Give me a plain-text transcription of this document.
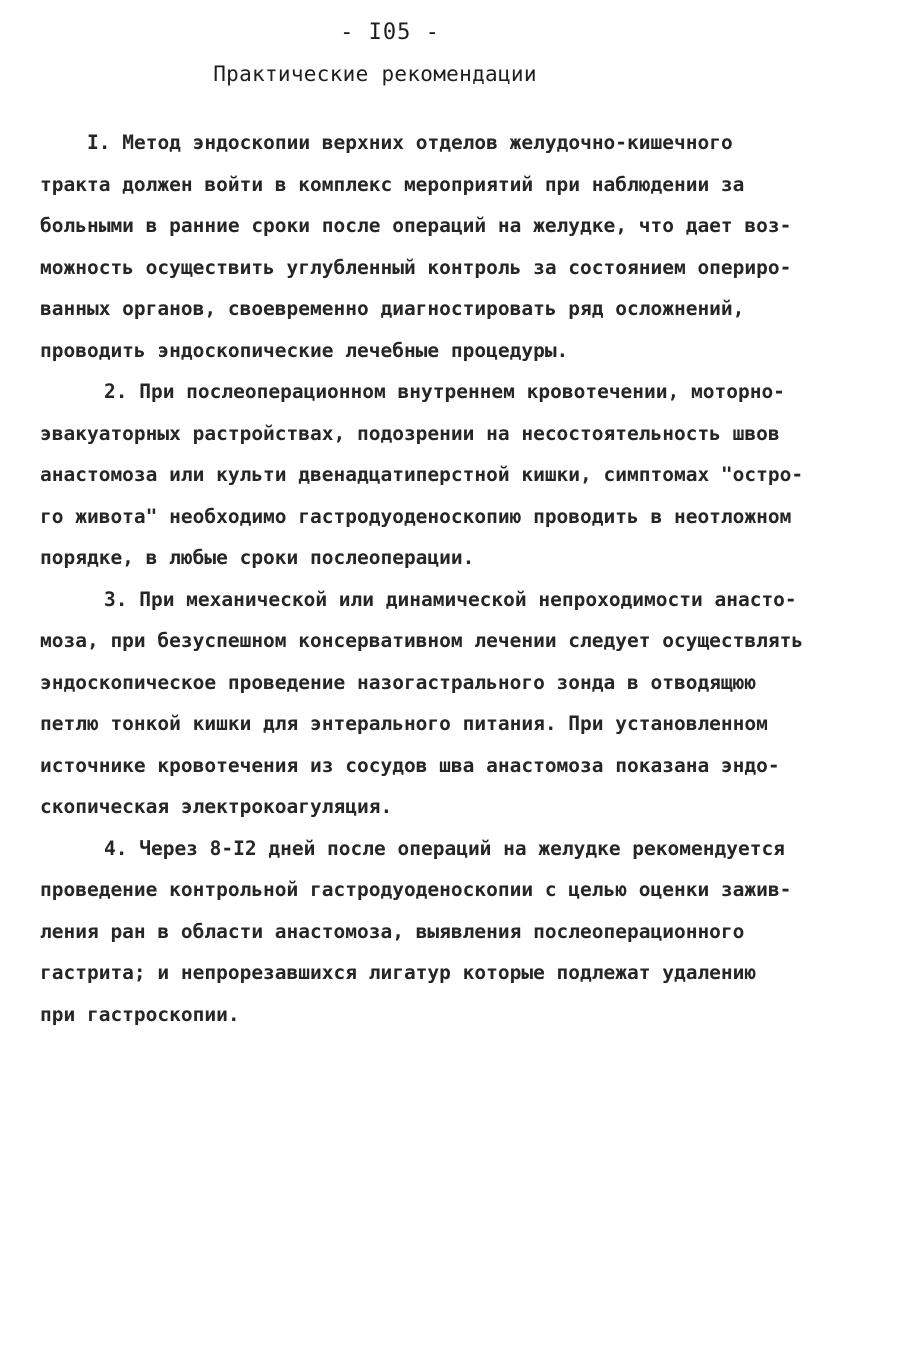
- I05 -
Практические рекомендации
I. Метод эндоскопии верхних отделов желудочно-кишечного
тракта должен войти в комплекс мероприятий при наблюдении за
больными в ранние сроки после операций на желудке, что дает воз-
можность осуществить углубленный контроль за состоянием опериро-
ванных органов, своевременно диагностировать ряд осложнений,
проводить эндоскопические лечебные процедуры.
2. При послеоперационном внутреннем кровотечении, моторно-
эвакуаторных растройствах, подозрении на несостоятельность швов
анастомоза или культи двенадцатиперстной кишки, симптомах "остро-
го живота" необходимо гастродуоденоскопию проводить в неотложном
порядке, в любые сроки послеоперации.
3. При механической или динамической непроходимости анасто-
моза, при безуспешном консервативном лечении следует осуществлять
эндоскопическое проведение назогастрального зонда в отводящюю
петлю тонкой кишки для энтерального питания. При установленном
источнике кровотечения из сосудов шва анастомоза показана эндо-
скопическая электрокоагуляция.
4. Через 8-I2 дней после операций на желудке рекомендуется
проведение контрольной гастродуоденоскопии с целью оценки зажив-
ления ран в области анастомоза, выявления послеоперационного
гастрита; и непрорезавшихся лигатур которые подлежат удалению
при гастроскопии.
